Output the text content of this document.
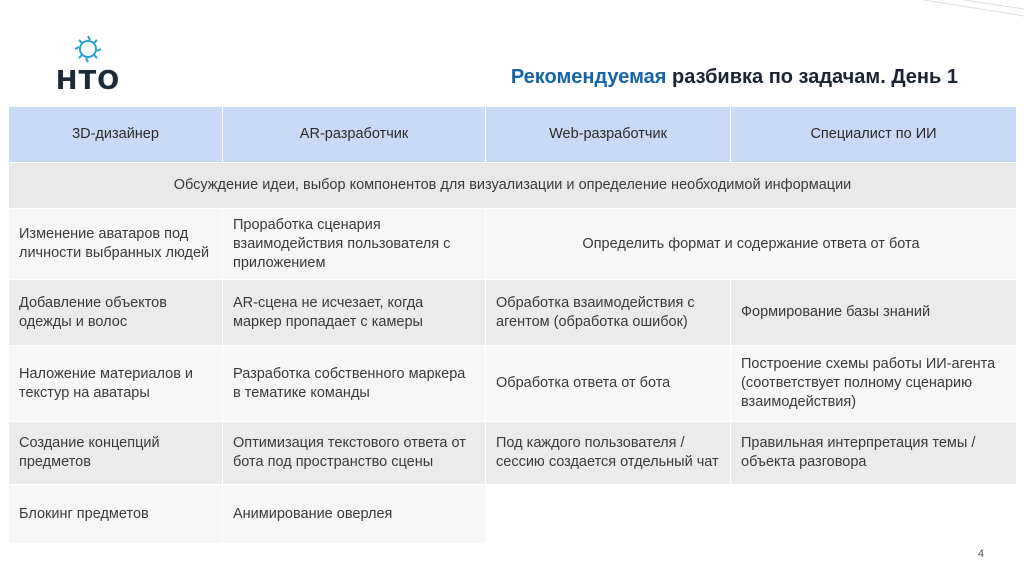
НТО	Рекомендуемая разбивка по задачам. День 1
3D-дизайнер	AR-разработчик	Web-разработчик	Специалист по ИИ
Обсуждение идеи, выбор компонентов для визуализации и определение необходимой информации			
Изменение аватаров под личности выбранных людей	Проработка сценария взаимодействия пользователя с приложением	Определить формат и содержание ответа от бота	
Добавление объектов одежды и волос	AR-сцена не исчезает, когда маркер пропадает с камеры	Обработка взаимодействия с агентом (обработка ошибок)	Формирование базы знаний
Наложение материалов и текстур на аватары	Разработка собственного маркера в тематике команды	Обработка ответа от бота	Построение схемы работы ИИ-агента (соответствует полному сценарию взаимодействия)
Создание концепций предметов	Оптимизация текстового ответа от бота под пространство сцены	Под каждого пользователя / сессию создается отдельный чат	Правильная интерпретация темы / объекта разговора
Блокинг предметов	Анимирование оверлея		
4
